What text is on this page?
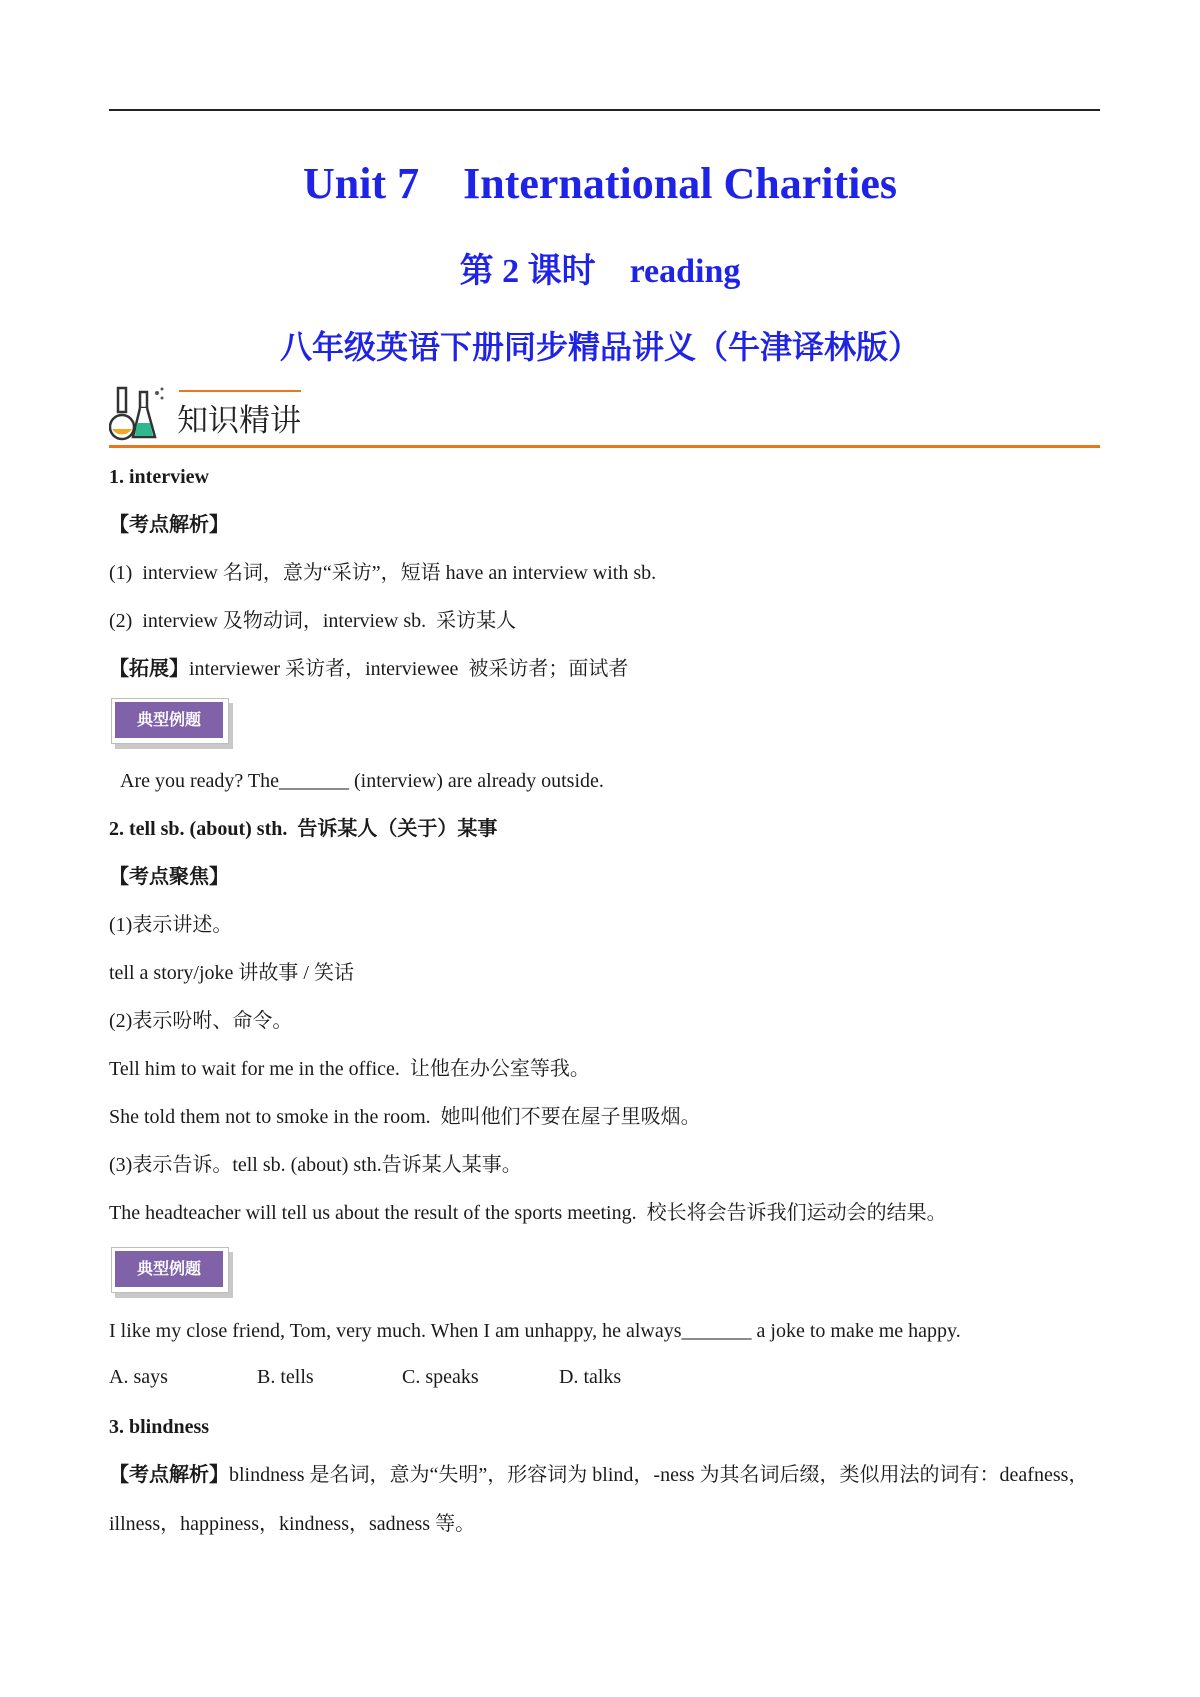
Unit 7    International Charities
第 2 课时    reading
八年级英语下册同步精品讲义（牛津译林版）
知识精讲
1. interview
【考点解析】
(1)  interview 名词，意为“采访”，短语 have an interview with sb.
(2)  interview 及物动词，interview sb.  采访某人
【拓展】interviewer 采访者，interviewee  被采访者；面试者
典型例题
Are you ready? The_______ (interview) are already outside.
2. tell sb. (about) sth.  告诉某人（关于）某事
【考点聚焦】
(1)表示讲述。
tell a story/joke 讲故事 / 笑话
(2)表示吩咐、命令。
Tell him to wait for me in the office.  让他在办公室等我。
She told them not to smoke in the room.  她叫他们不要在屋子里吸烟。
(3)表示告诉。tell sb. (about) sth.告诉某人某事。
The headteacher will tell us about the result of the sports meeting.  校长将会告诉我们运动会的结果。
典型例题
I like my close friend, Tom, very much. When I am unhappy, he always_______ a joke to make me happy.
A. says	B. tells	C. speaks	D. talks
3. blindness
【考点解析】blindness 是名词，意为“失明”，形容词为 blind，-ness 为其名词后缀，类似用法的词有：deafness，
illness，happiness，kindness，sadness 等。
